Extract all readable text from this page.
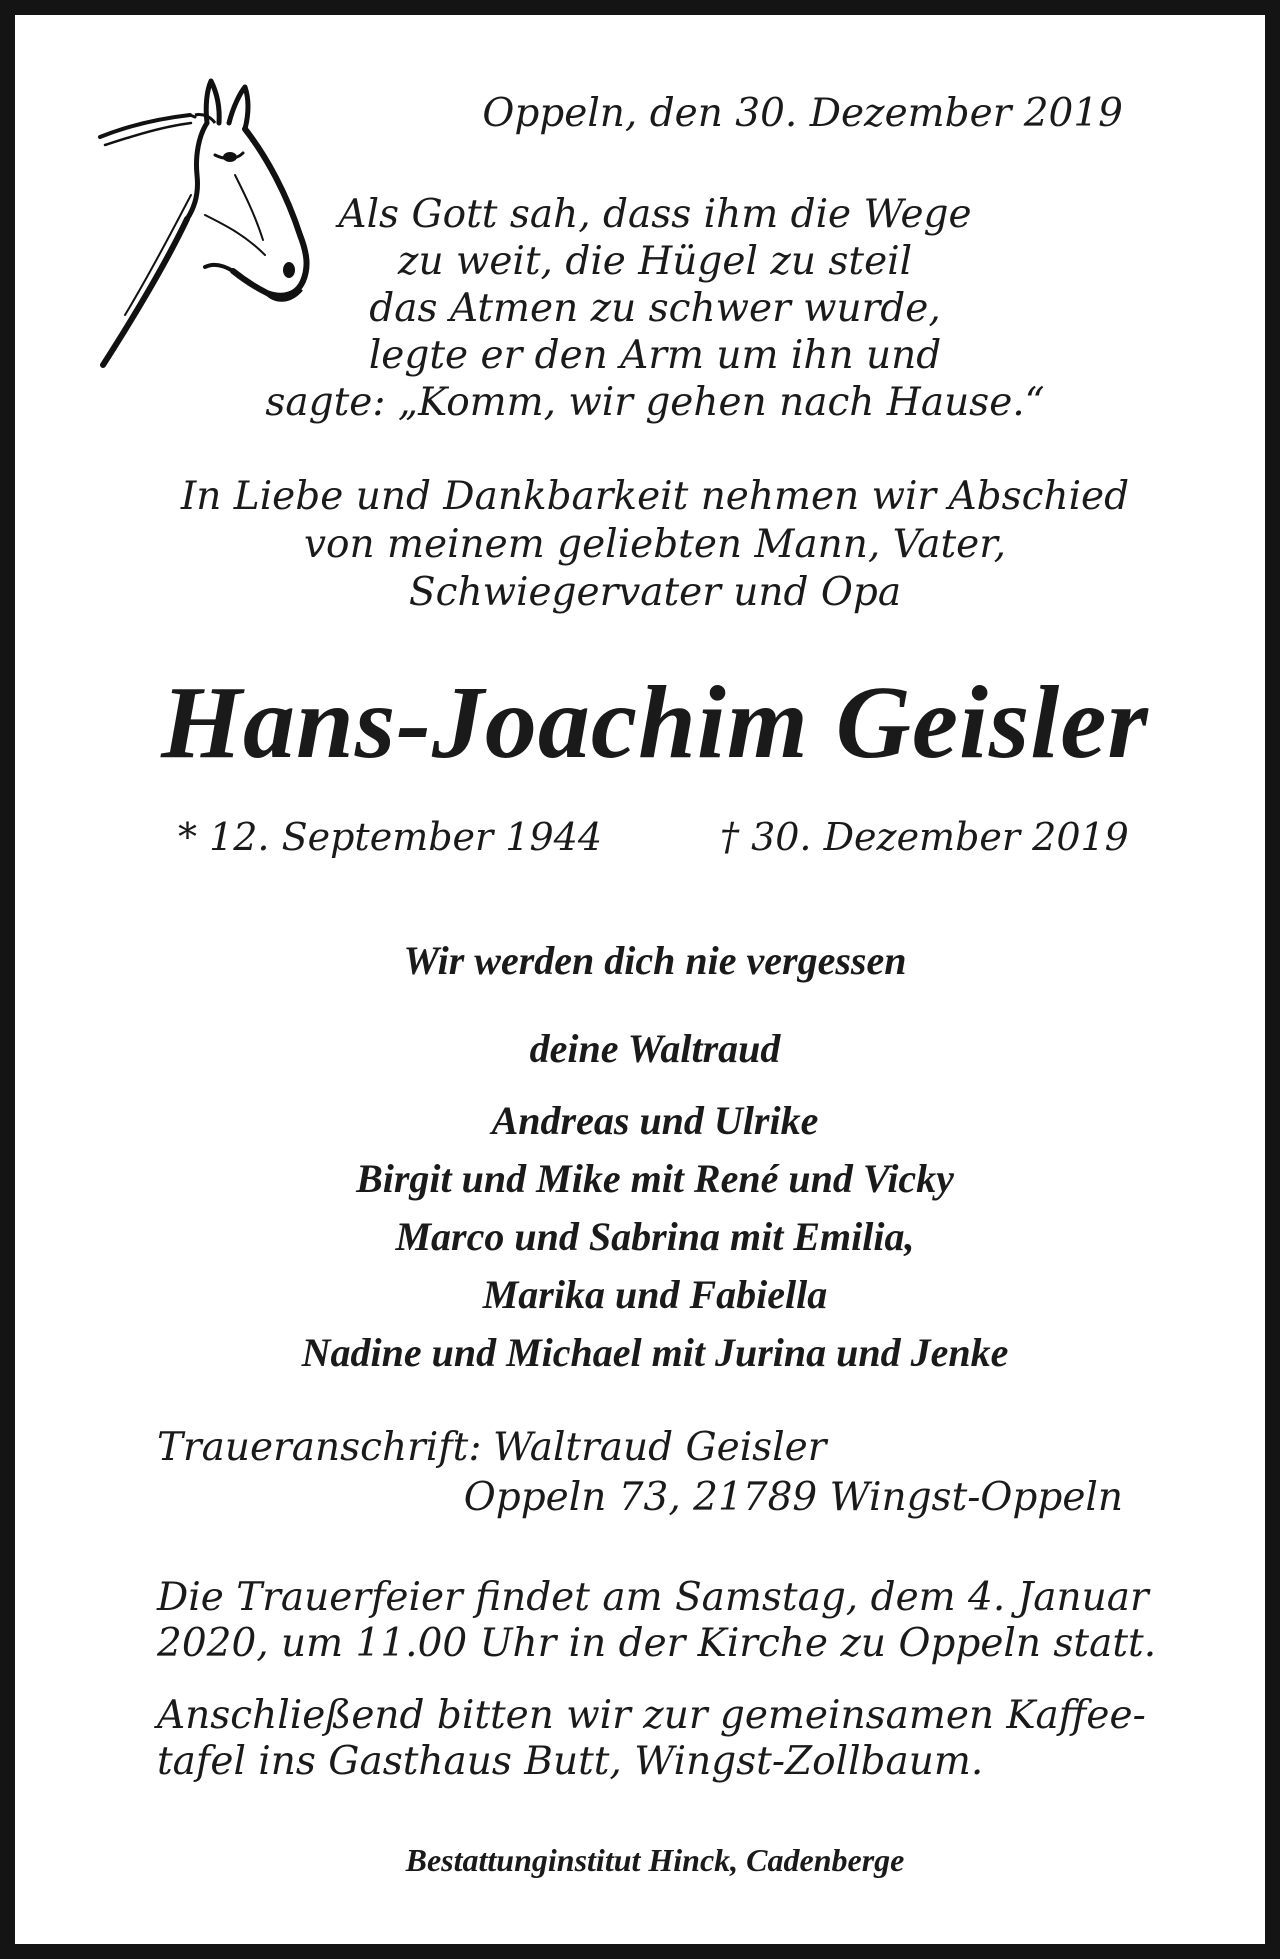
Oppeln, den 30. Dezember 2019
Als Gott sah, dass ihm die Wege
zu weit, die Hügel zu steil
das Atmen zu schwer wurde,
legte er den Arm um ihn und
sagte: „Komm, wir gehen nach Hause.“
In Liebe und Dankbarkeit nehmen wir Abschied
von meinem geliebten Mann, Vater,
Schwiegervater und Opa
Hans-Joachim Geisler
* 12. September 1944	† 30. Dezember 2019
Wir werden dich nie vergessen
deine Waltraud
Andreas und Ulrike
Birgit und Mike mit René und Vicky
Marco und Sabrina mit Emilia,
Marika und Fabiella
Nadine und Michael mit Jurina und Jenke
Traueranschrift: Waltraud Geisler
Oppeln 73, 21789 Wingst-Oppeln
Die Trauerfeier findet am Samstag, dem 4. Januar
2020, um 11.00 Uhr in der Kirche zu Oppeln statt.
Anschließend bitten wir zur gemeinsamen Kaffee-
tafel ins Gasthaus Butt, Wingst-Zollbaum.
Bestattunginstitut Hinck, Cadenberge
